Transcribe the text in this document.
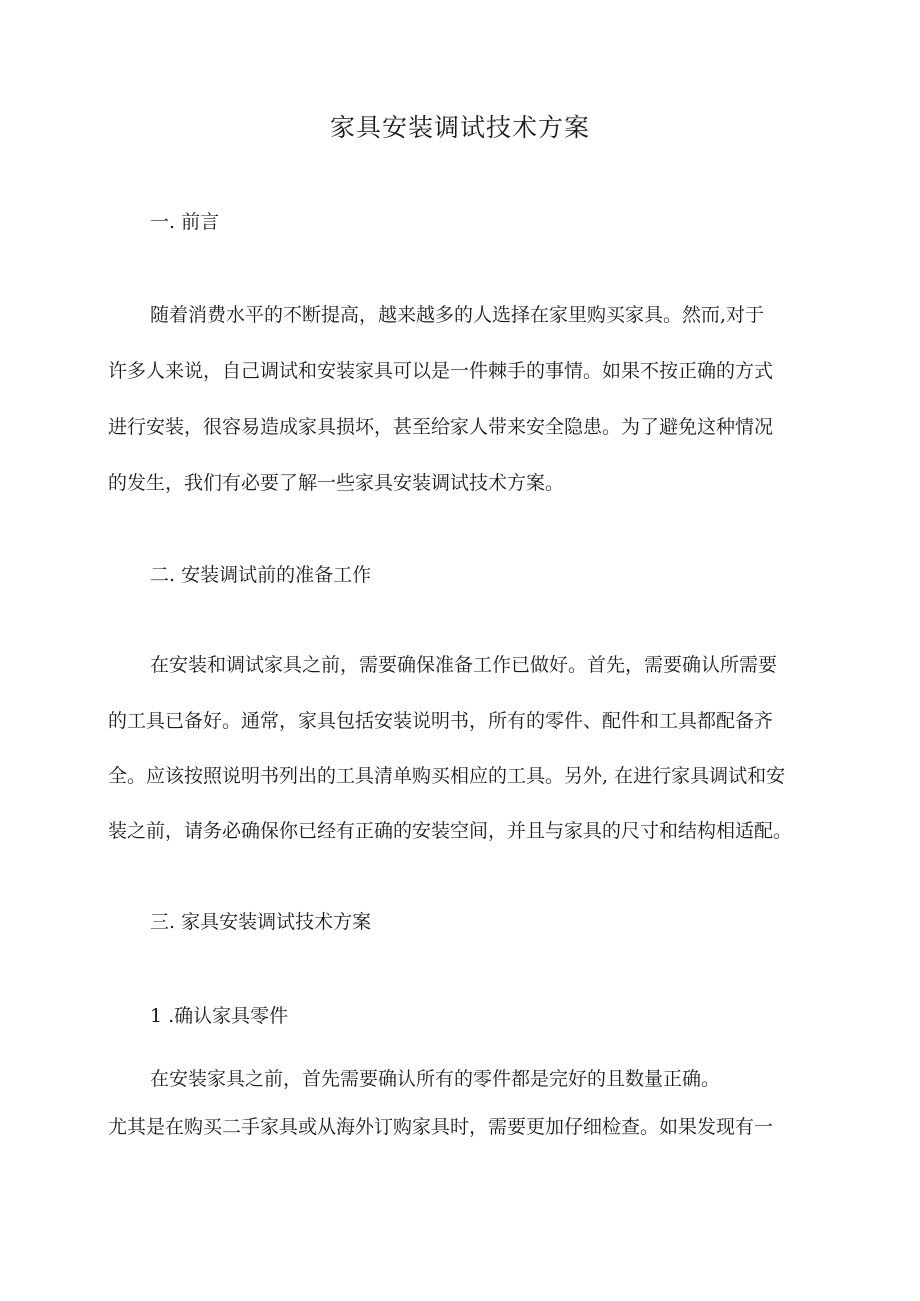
家具安装调试技术方案

一. 前言

随着消费水平的不断提高，越来越多的人选择在家里购买家具。然而,对于

许多人来说，自己调试和安装家具可以是一件棘手的事情。如果不按正确的方式

进行安装，很容易造成家具损坏，甚至给家人带来安全隐患。为了避免这种情况

的发生，我们有必要了解一些家具安装调试技术方案。

二. 安装调试前的准备工作

在安装和调试家具之前，需要确保准备工作已做好。首先，需要确认所需要

的工具已备好。通常，家具包括安装说明书，所有的零件、配件和工具都配备齐

全。应该按照说明书列出的工具清单购买相应的工具。另外, 在进行家具调试和安

装之前，请务必确保你已经有正确的安装空间，并且与家具的尺寸和结构相适配。

三. 家具安装调试技术方案

1 .确认家具零件

在安装家具之前，首先需要确认所有的零件都是完好的且数量正确。

尤其是在购买二手家具或从海外订购家具时，需要更加仔细检查。如果发现有一
